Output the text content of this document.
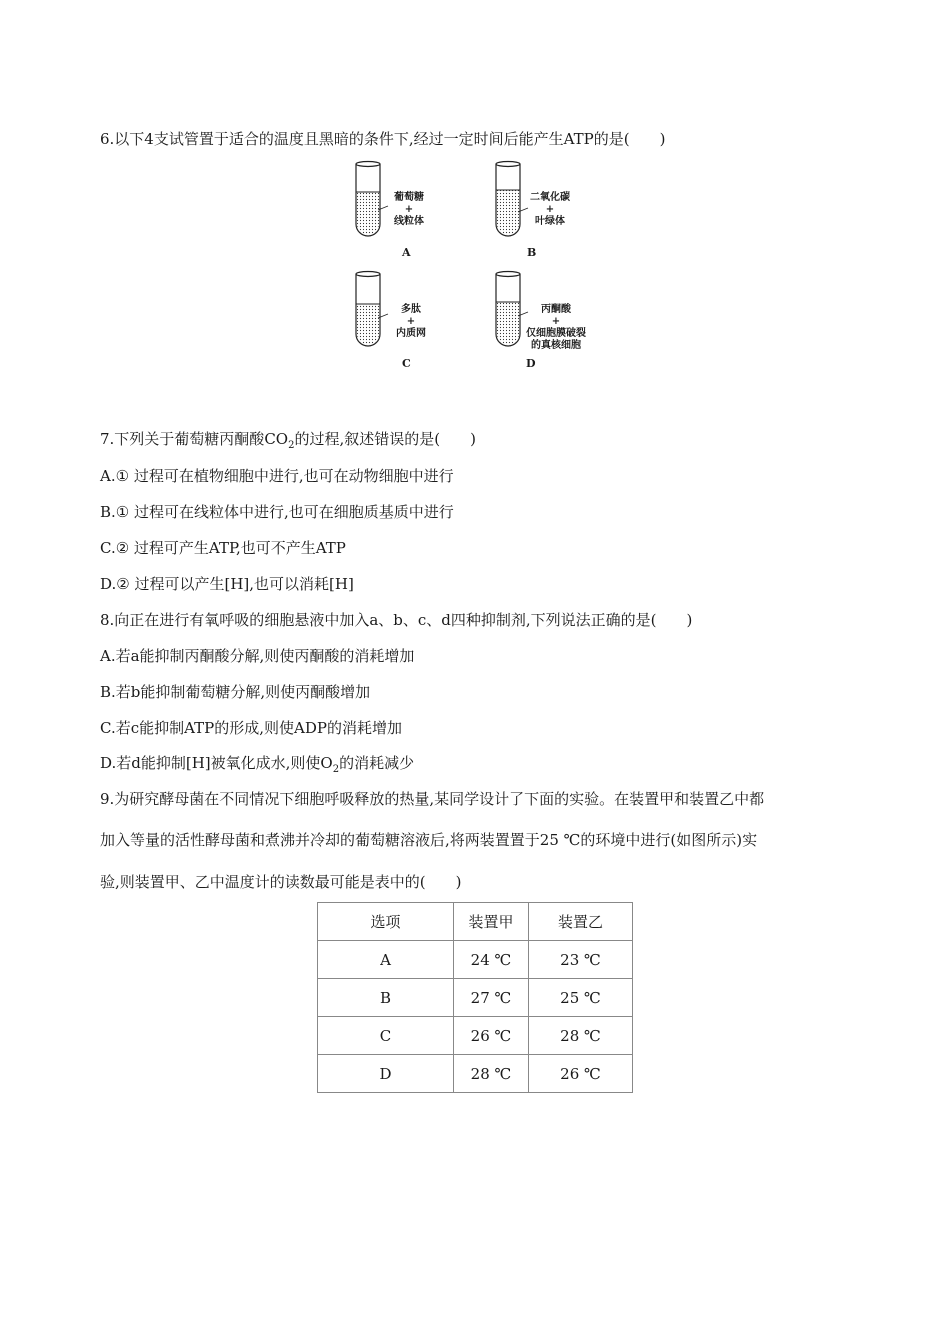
6.以下4支试管置于适合的温度且黑暗的条件下,经过一定时间后能产生ATP的是(　　)
葡萄糖
+
线粒体
A
二氧化碳
+
叶绿体
B
多肽
+
内质网
C
丙酮酸
+
仅细胞膜破裂
的真核细胞
D
7.下列关于葡萄糖丙酮酸$CO_2$的过程,叙述错误的是(　　)
A.① 过程可在植物细胞中进行,也可在动物细胞中进行
B.① 过程可在线粒体中进行,也可在细胞质基质中进行
C.② 过程可产生ATP,也可不产生ATP
D.② 过程可以产生[H],也可以消耗[H]
8.向正在进行有氧呼吸的细胞悬液中加入a、b、c、d四种抑制剂,下列说法正确的是(　　)
A.若a能抑制丙酮酸分解,则使丙酮酸的消耗增加
B.若b能抑制葡萄糖分解,则使丙酮酸增加
C.若c能抑制ATP的形成,则使ADP的消耗增加
D.若d能抑制[H]被氧化成水,则使$O_2$的消耗减少
9.为研究酵母菌在不同情况下细胞呼吸释放的热量,某同学设计了下面的实验。在装置甲和装置乙中都
加入等量的活性酵母菌和煮沸并冷却的葡萄糖溶液后,将两装置置于25 ℃的环境中进行(如图所示)实
验,则装置甲、乙中温度计的读数最可能是表中的(　　)
选项	装置甲	装置乙
A	24 ℃	23 ℃
B	27 ℃	25 ℃
C	26 ℃	28 ℃
D	28 ℃	26 ℃
